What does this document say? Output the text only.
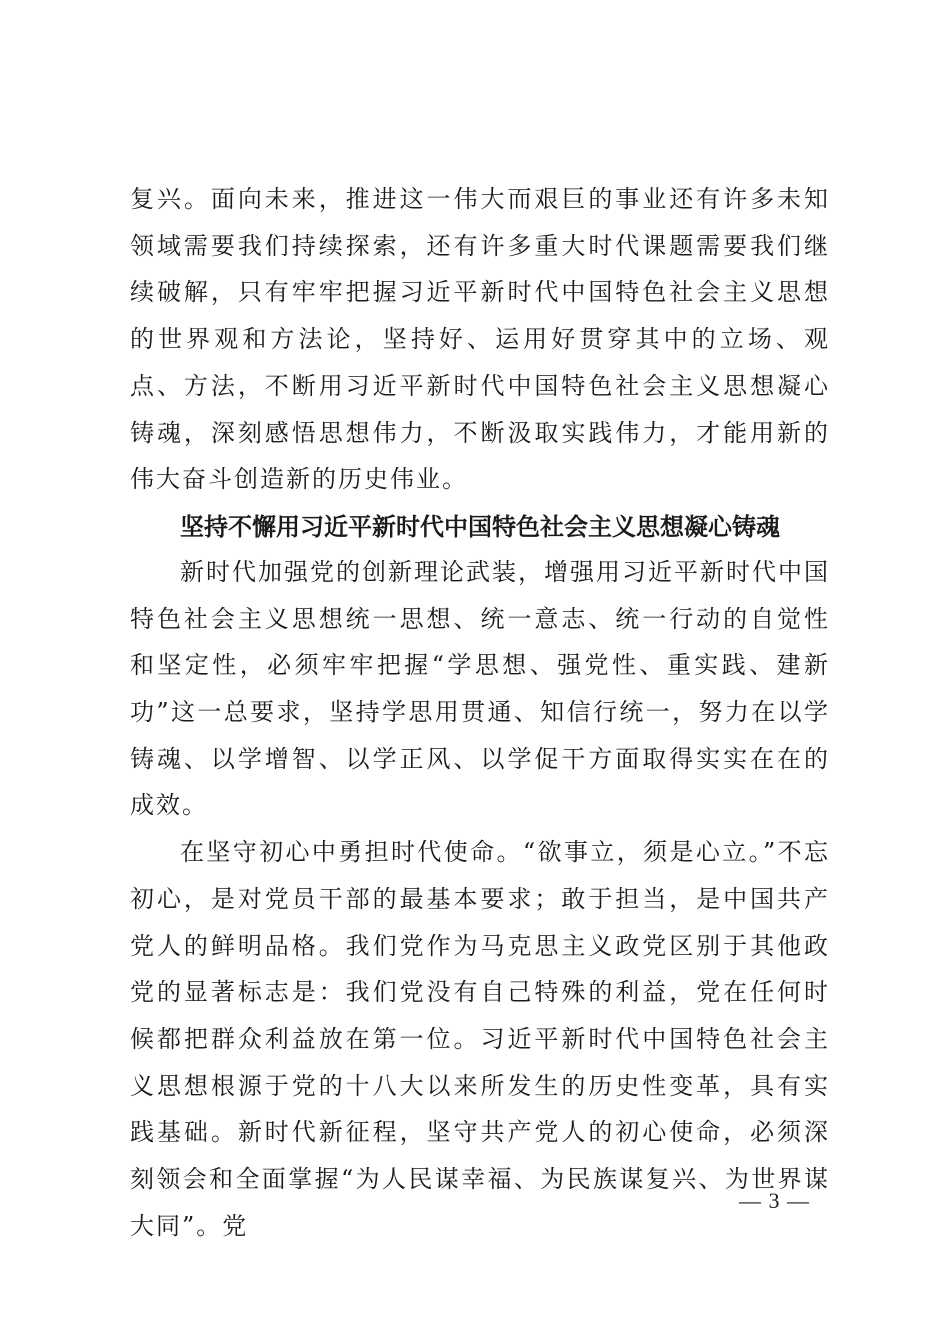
复兴。面向未来，推进这一伟大而艰巨的事业还有许多未知领域需要我们持续探索，还有许多重大时代课题需要我们继续破解，只有牢牢把握习近平新时代中国特色社会主义思想的世界观和方法论，坚持好、运用好贯穿其中的立场、观点、方法，不断用习近平新时代中国特色社会主义思想凝心铸魂，深刻感悟思想伟力，不断汲取实践伟力，才能用新的伟大奋斗创造新的历史伟业。

坚持不懈用习近平新时代中国特色社会主义思想凝心铸魂

新时代加强党的创新理论武装，增强用习近平新时代中国特色社会主义思想统一思想、统一意志、统一行动的自觉性和坚定性，必须牢牢把握“学思想、强党性、重实践、建新功”这一总要求，坚持学思用贯通、知信行统一，努力在以学铸魂、以学增智、以学正风、以学促干方面取得实实在在的成效。

在坚守初心中勇担时代使命。“欲事立，须是心立。”不忘初心，是对党员干部的最基本要求；敢于担当，是中国共产党人的鲜明品格。我们党作为马克思主义政党区别于其他政党的显著标志是：我们党没有自己特殊的利益，党在任何时候都把群众利益放在第一位。习近平新时代中国特色社会主义思想根源于党的十八大以来所发生的历史性变革，具有实践基础。新时代新征程，坚守共产党人的初心使命，必须深刻领会和全面掌握“为人民谋幸福、为民族谋复兴、为世界谋大同”。党

— 3 —
